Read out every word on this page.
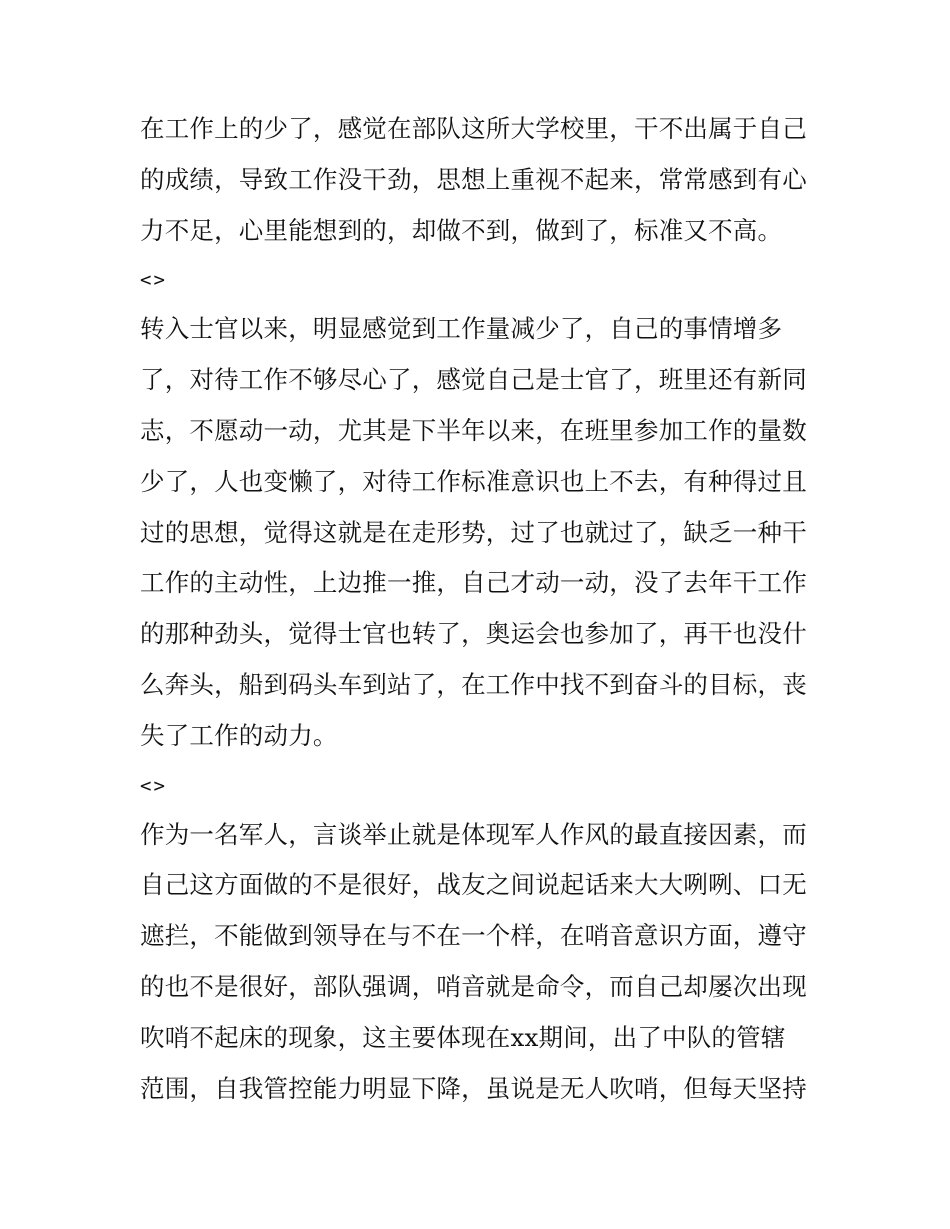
在工作上的少了，感觉在部队这所大学校里，干不出属于自己
的成绩，导致工作没干劲，思想上重视不起来，常常感到有心
力不足，心里能想到的，却做不到，做到了，标准又不高。
<>
转入士官以来，明显感觉到工作量减少了，自己的事情增多
了，对待工作不够尽心了，感觉自己是士官了，班里还有新同
志，不愿动一动，尤其是下半年以来，在班里参加工作的量数
少了，人也变懒了，对待工作标准意识也上不去，有种得过且
过的思想，觉得这就是在走形势，过了也就过了，缺乏一种干
工作的主动性，上边推一推，自己才动一动，没了去年干工作
的那种劲头，觉得士官也转了，奥运会也参加了，再干也没什
么奔头，船到码头车到站了，在工作中找不到奋斗的目标，丧
失了工作的动力。
<>
作为一名军人，言谈举止就是体现军人作风的最直接因素，而
自己这方面做的不是很好，战友之间说起话来大大咧咧、口无
遮拦，不能做到领导在与不在一个样，在哨音意识方面，遵守
的也不是很好，部队强调，哨音就是命令，而自己却屡次出现
吹哨不起床的现象，这主要体现在xx期间，出了中队的管辖
范围，自我管控能力明显下降，虽说是无人吹哨，但每天坚持
